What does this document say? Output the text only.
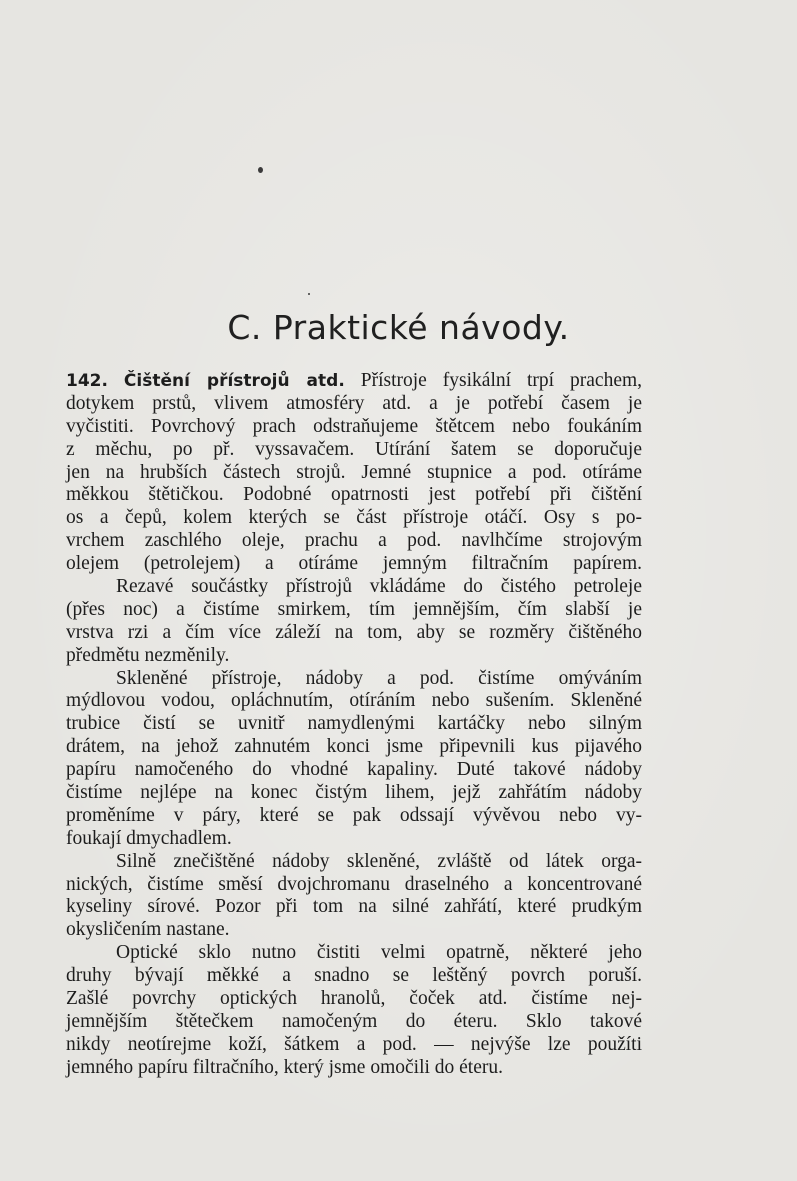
C. Praktické návody.
142. Čištění přístrojů atd. Přístroje fysikální trpí prachem,
dotykem prstů, vlivem atmosféry atd. a je potřebí časem je
vyčistiti. Povrchový prach odstraňujeme štětcem nebo foukáním
z měchu, po př. vyssavačem. Utírání šatem se doporučuje
jen na hrubších částech strojů. Jemné stupnice a pod. otíráme
měkkou štětičkou. Podobné opatrnosti jest potřebí při čištění
os a čepů, kolem kterých se část přístroje otáčí. Osy s po-
vrchem zaschlého oleje, prachu a pod. navlhčíme strojovým
olejem (petrolejem) a otíráme jemným filtračním papírem.
Rezavé součástky přístrojů vkládáme do čistého petroleje
(přes noc) a čistíme smirkem, tím jemnějším, čím slabší je
vrstva rzi a čím více záleží na tom, aby se rozměry čištěného
předmětu nezměnily.
Skleněné přístroje, nádoby a pod. čistíme omýváním
mýdlovou vodou, opláchnutím, otíráním nebo sušením. Skleněné
trubice čistí se uvnitř namydlenými kartáčky nebo silným
drátem, na jehož zahnutém konci jsme připevnili kus pijavého
papíru namočeného do vhodné kapaliny. Duté takové nádoby
čistíme nejlépe na konec čistým lihem, jejž zahřátím nádoby
proměníme v páry, které se pak odssají vývěvou nebo vy-
foukají dmychadlem.
Silně znečištěné nádoby skleněné, zvláště od látek orga-
nických, čistíme směsí dvojchromanu draselného a koncentrované
kyseliny sírové. Pozor při tom na silné zahřátí, které prudkým
okysličením nastane.
Optické sklo nutno čistiti velmi opatrně, některé jeho
druhy bývají měkké a snadno se leštěný povrch poruší.
Zašlé povrchy optických hranolů, čoček atd. čistíme nej-
jemnějším štětečkem namočeným do éteru. Sklo takové
nikdy neotírejme koží, šátkem a pod. — nejvýše lze použíti
jemného papíru filtračního, který jsme omočili do éteru.
